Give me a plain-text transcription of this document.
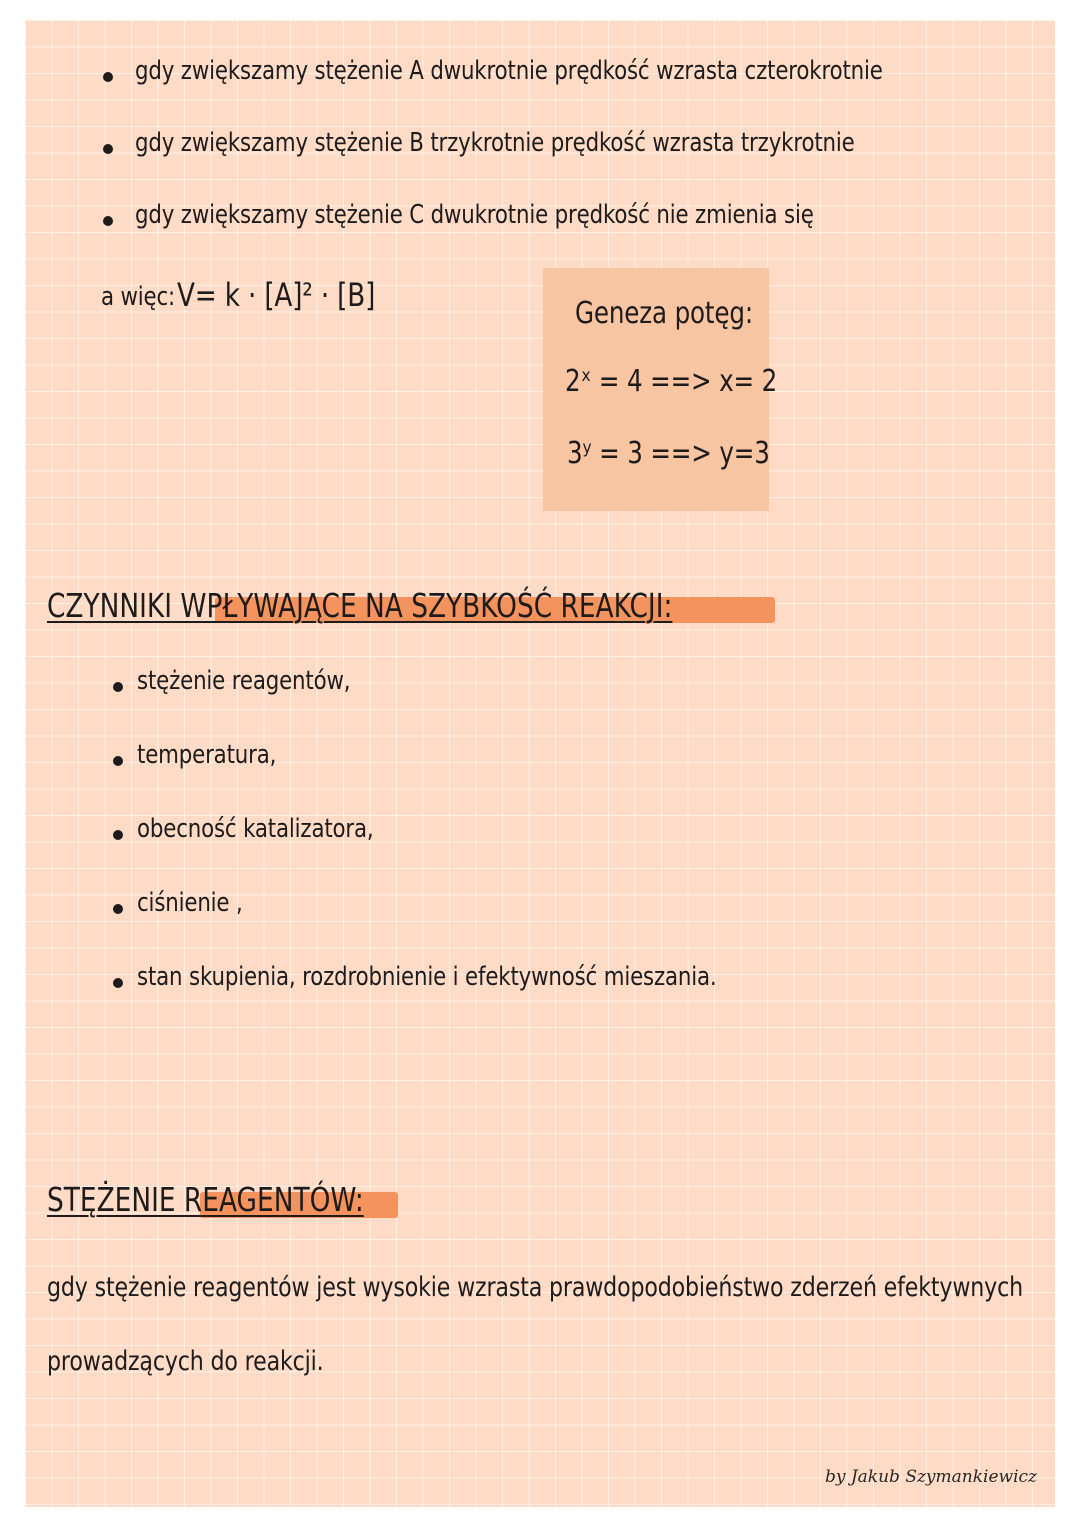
gdy zwiększamy stężenie A dwukrotnie prędkość wzrasta czterokrotnie
gdy zwiększamy stężenie B trzykrotnie prędkość wzrasta trzykrotnie
gdy zwiększamy stężenie C dwukrotnie prędkość nie zmienia się
a więc: V= k · [A]² · [B]	Geneza potęg:
2ˣ = 4 ==> x= 2
3ʸ = 3 ==> y=3
CZYNNIKI WPŁYWAJĄCE NA SZYBKOŚĆ REAKCJI:
stężenie reagentów,
temperatura,
obecność katalizatora,
ciśnienie ,
stan skupienia, rozdrobnienie i efektywność mieszania.
STĘŻENIE REAGENTÓW:
gdy stężenie reagentów jest wysokie wzrasta prawdopodobieństwo zderzeń efektywnych
prowadzących do reakcji.
by Jakub Szymankiewicz
